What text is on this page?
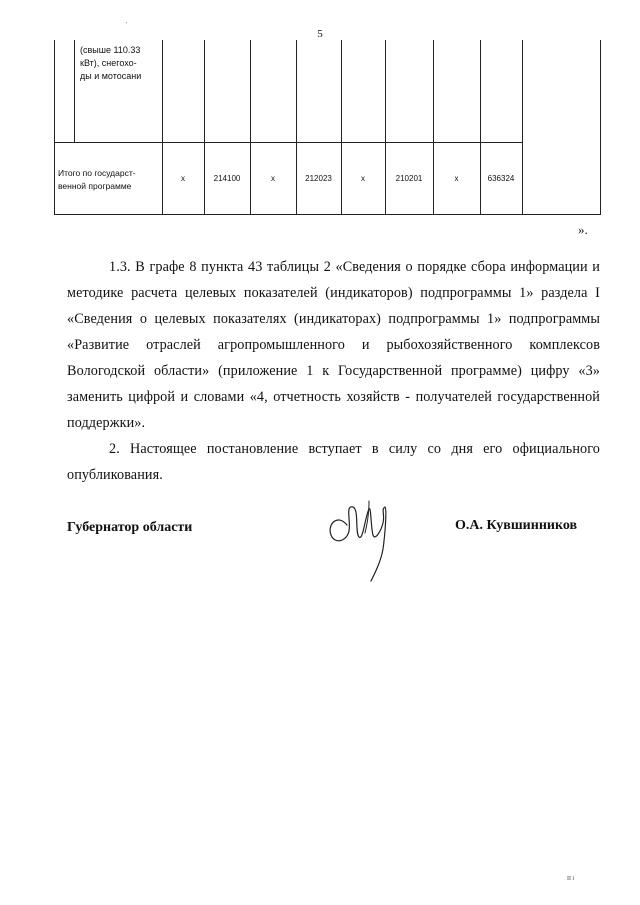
5
(свыше 110.33
кВт), снегохо-
ды и мотосани
Итого по государст-
венной программе
х	214100	х	212023	х	210201	х	636324
».
1.3. В графе 8 пункта 43 таблицы 2 «Сведения о порядке сбора информации и методике расчета целевых показателей (индикаторов) подпрограммы 1» раздела I «Сведения о целевых показателях (индикаторах) подпрограммы 1» подпрограммы «Развитие отраслей агропромышленного и рыбохозяйственного комплексов Вологодской области» (приложение 1 к Государственной программе) цифру «3» заменить цифрой и словами «4, отчетность хозяйств - получателей государственной поддержки».
2. Настоящее постановление вступает в силу со дня его официального опубликования.
Губернатор области	О.А. Кувшинников
'
II i
